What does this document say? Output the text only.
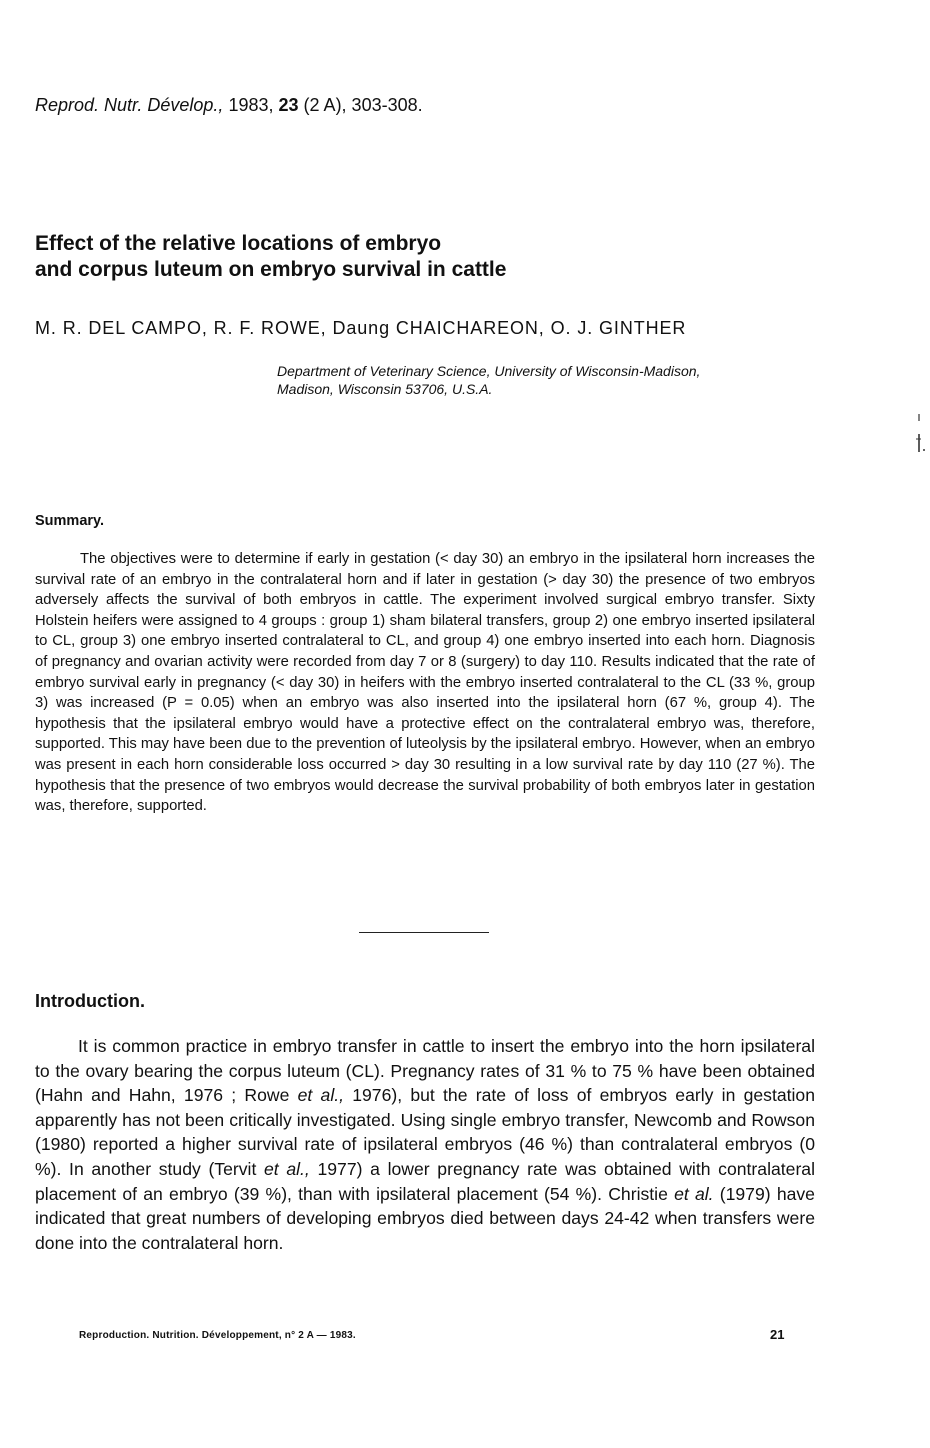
Reprod. Nutr. Dévelop., 1983, 23 (2 A), 303-308.
Effect of the relative locations of embryo
and corpus luteum on embryo survival in cattle

M. R. DEL CAMPO, R. F. ROWE, Daung CHAICHAREON, O. J. GINTHER

Department of Veterinary Science, University of Wisconsin-Madison,
Madison, Wisconsin 53706, U.S.A.
Summary.

The objectives were to determine if early in gestation (< day 30) an embryo in the ipsilateral horn increases the survival rate of an embryo in the contralateral horn and if later in gestation (> day 30) the presence of two embryos adversely affects the survival of both embryos in cattle. The experiment involved surgical embryo transfer. Sixty Holstein heifers were assigned to 4 groups : group 1) sham bilateral transfers, group 2) one embryo inserted ipsilateral to CL, group 3) one embryo inserted contralateral to CL, and group 4) one embryo inserted into each horn. Diagnosis of pregnancy and ovarian activity were recorded from day 7 or 8 (surgery) to day 110. Results indicated that the rate of embryo survival early in pregnancy (< day 30) in heifers with the embryo inserted contralateral to the CL (33 %, group 3) was increased (P = 0.05) when an embryo was also inserted into the ipsilateral horn (67 %, group 4). The hypothesis that the ipsilateral embryo would have a protective effect on the contralateral embryo was, therefore, supported. This may have been due to the prevention of luteolysis by the ipsilateral embryo. However, when an embryo was present in each horn considerable loss occurred > day 30 resulting in a low survival rate by day 110 (27 %). The hypothesis that the presence of two embryos would decrease the survival probability of both embryos later in gestation was, therefore, supported.

Introduction.

It is common practice in embryo transfer in cattle to insert the embryo into the horn ipsilateral to the ovary bearing the corpus luteum (CL). Pregnancy rates of 31 % to 75 % have been obtained (Hahn and Hahn, 1976 ; Rowe et al., 1976), but the rate of loss of embryos early in gestation apparently has not been critically investigated. Using single embryo transfer, Newcomb and Rowson (1980) reported a higher survival rate of ipsilateral embryos (46 %) than contralateral embryos (0 %). In another study (Tervit et al., 1977) a lower pregnancy rate was obtained with contralateral placement of an embryo (39 %), than with ipsilateral placement (54 %). Christie et al. (1979) have indicated that great numbers of developing embryos died between days 24-42 when transfers were done into the contralateral horn.

Reproduction. Nutrition. Développement, n° 2 A — 1983.	21
